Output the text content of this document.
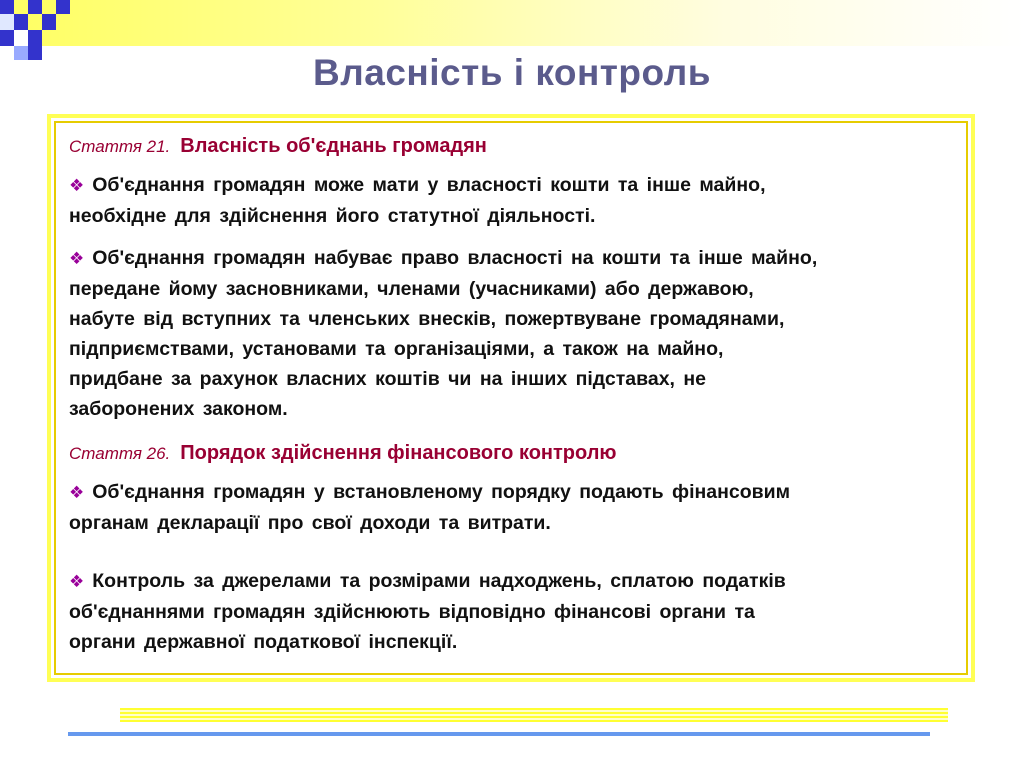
Власність і контроль

Стаття 21. Власність об'єднань громадян

❖ Об'єднання громадян може мати у власності кошти та інше майно,

необхідне для здійснення його статутної діяльності.

❖ Об'єднання громадян набуває право власності на кошти та інше майно,

передане йому засновниками, членами (учасниками) або державою,

набуте від вступних та членських внесків, пожертвуване громадянами,

підприємствами, установами та організаціями, а також на майно,

придбане за рахунок власних коштів чи на інших підставах, не

заборонених законом.

Стаття 26. Порядок здійснення фінансового контролю

❖ Об'єднання громадян у встановленому порядку подають фінансовим

органам декларації про свої доходи та витрати.

❖ Контроль за джерелами та розмірами надходжень, сплатою податків

об'єднаннями громадян здійснюють відповідно фінансові органи та

органи державної податкової інспекції.
